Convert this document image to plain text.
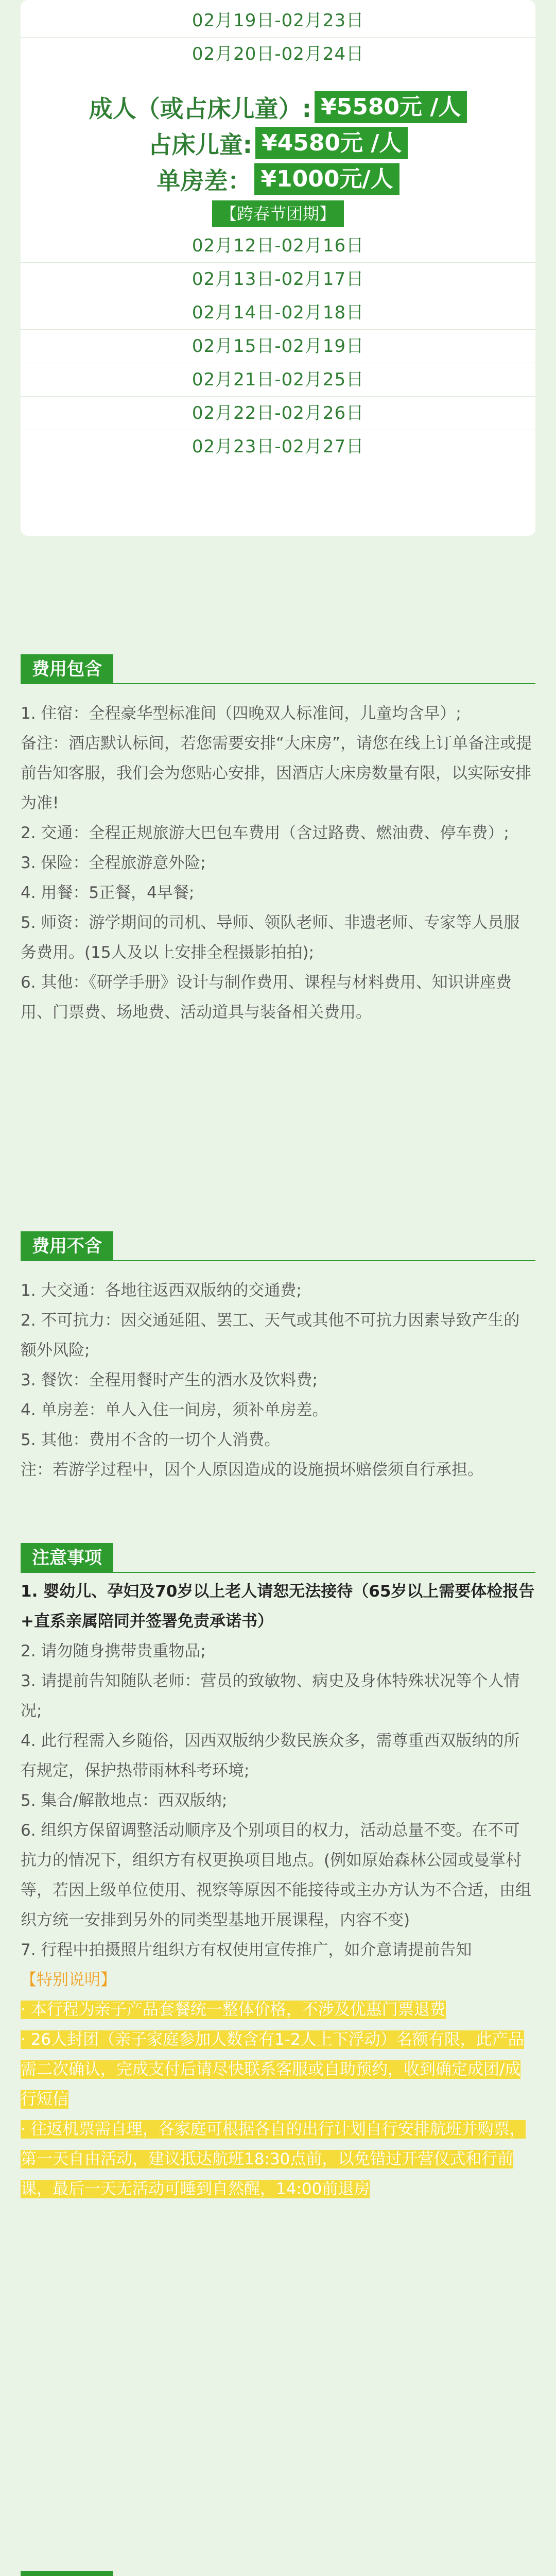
02月19日-02月23日
02月20日-02月24日
成人（或占床儿童）: ¥5580元 /人
占床儿童: ¥4580元 /人
单房差： ¥1000元/人
【跨春节团期】
02月12日-02月16日
02月13日-02月17日
02月14日-02月18日
02月15日-02月19日
02月21日-02月25日
02月22日-02月26日
02月23日-02月27日
费用包含

1. 住宿：全程豪华型标准间（四晚双人标准间，儿童均含早）;

备注：酒店默认标间，若您需要安排“大床房”，请您在线上订单备注或提前告知客服，我们会为您贴心安排，因酒店大床房数量有限，以实际安排为准!

2. 交通：全程正规旅游大巴包车费用（含过路费、燃油费、停车费）;

3. 保险：全程旅游意外险;

4. 用餐：5正餐，4早餐;

5. 师资：游学期间的司机、导师、领队老师、非遗老师、专家等人员服务费用。(15人及以上安排全程摄影拍拍);

6. 其他：《研学手册》设计与制作费用、课程与材料费用、知识讲座费用、门票费、场地费、活动道具与装备相关费用。

费用不含

1. 大交通：各地往返西双版纳的交通费;

2. 不可抗力：因交通延阻、罢工、天气或其他不可抗力因素导致产生的额外风险;

3. 餐饮：全程用餐时产生的酒水及饮料费;

4. 单房差：单人入住一间房，须补单房差。

5. 其他：费用不含的一切个人消费。

注：若游学过程中，因个人原因造成的设施损坏赔偿须自行承担。

注意事项

1. 婴幼儿、孕妇及70岁以上老人请恕无法接待（65岁以上需要体检报告+直系亲属陪同并签署免责承诺书）

2. 请勿随身携带贵重物品;

3. 请提前告知随队老师：营员的致敏物、病史及身体特殊状况等个人情况;

4. 此行程需入乡随俗，因西双版纳少数民族众多，需尊重西双版纳的所有规定，保护热带雨林科考环境;

5. 集合/解散地点：西双版纳;

6. 组织方保留调整活动顺序及个别项目的权力，活动总量不变。在不可抗力的情况下，组织方有权更换项目地点。(例如原始森林公园或曼掌村等，若因上级单位使用、视察等原因不能接待或主办方认为不合适，由组织方统一安排到另外的同类型基地开展课程，内容不变)

7. 行程中拍摄照片组织方有权使用宣传推广，如介意请提前告知

【特别说明】

· 本行程为亲子产品套餐统一整体价格，不涉及优惠门票退费

· 26人封团（亲子家庭参加人数含有1-2人上下浮动）名额有限，此产品需二次确认，完成支付后请尽快联系客服或自助预约，收到确定成团/成行短信

· 往返机票需自理，各家庭可根据各自的出行计划自行安排航班并购票，第一天自由活动，建议抵达航班18:30点前，以免错过开营仪式和行前课，最后一天无活动可睡到自然醒，14:00前退房
